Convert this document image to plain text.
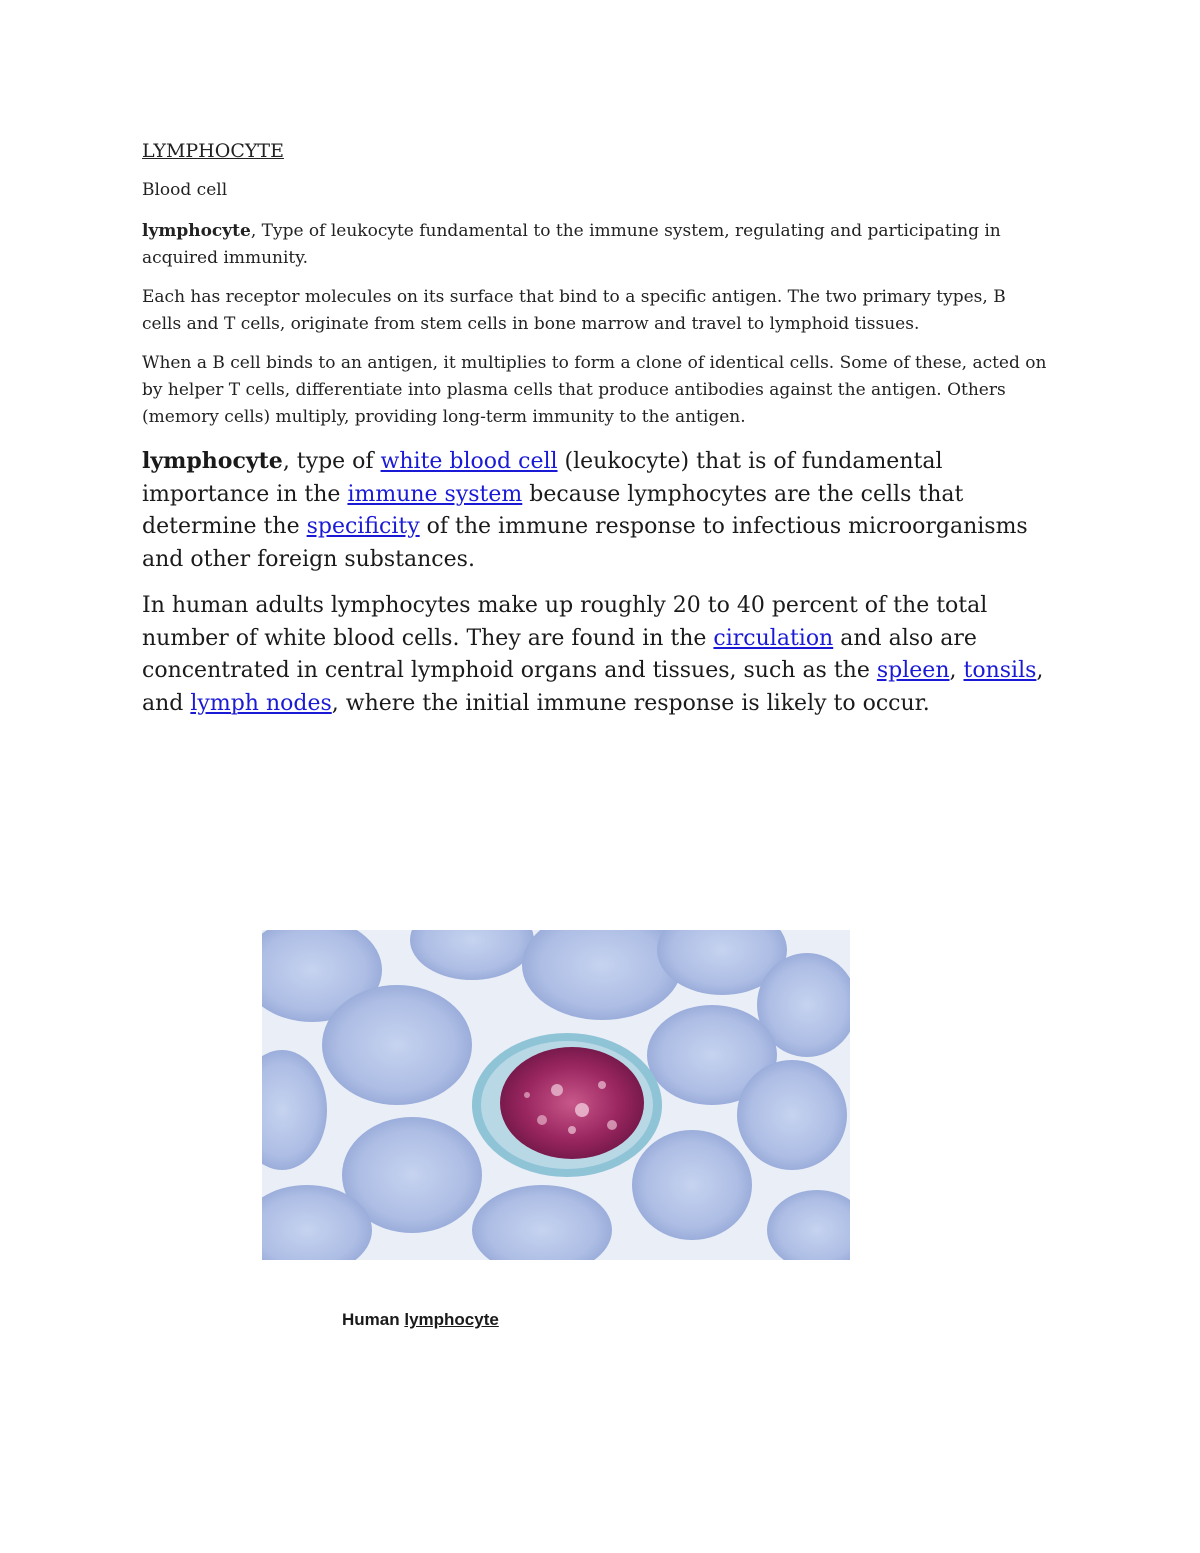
LYMPHOCYTE

Blood cell

lymphocyte, Type of leukocyte fundamental to the immune system, regulating and participating in acquired immunity.

Each has receptor molecules on its surface that bind to a specific antigen. The two primary types, B cells and T cells, originate from stem cells in bone marrow and travel to lymphoid tissues.

When a B cell binds to an antigen, it multiplies to form a clone of identical cells. Some of these, acted on by helper T cells, differentiate into plasma cells that produce antibodies against the antigen. Others (memory cells) multiply, providing long-term immunity to the antigen.

lymphocyte, type of white blood cell (leukocyte) that is of fundamental importance in the immune system because lymphocytes are the cells that determine the specificity of the immune response to infectious microorganisms and other foreign substances.

In human adults lymphocytes make up roughly 20 to 40 percent of the total number of white blood cells. They are found in the circulation and also are concentrated in central lymphoid organs and tissues, such as the spleen, tonsils, and lymph nodes, where the initial immune response is likely to occur.

Human lymphocyte
